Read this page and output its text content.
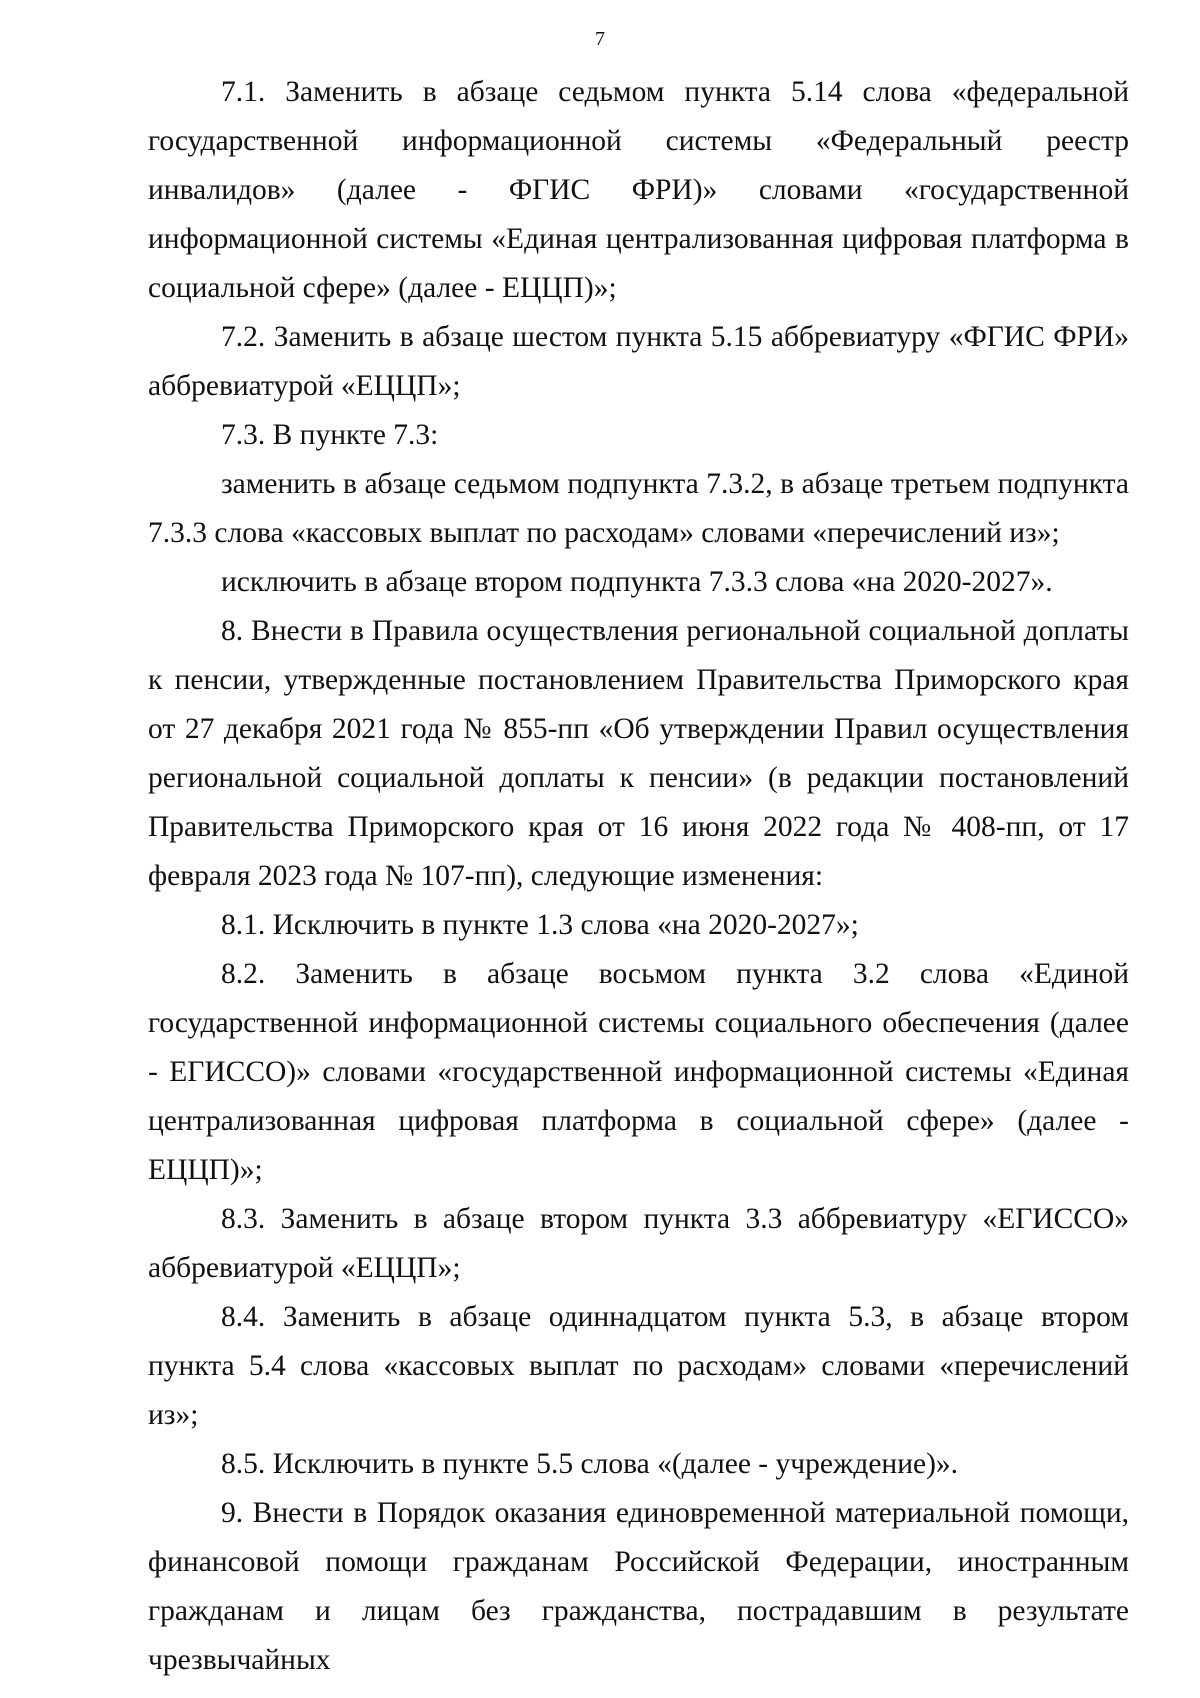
7

7.1. Заменить в абзаце седьмом пункта 5.14 слова «федеральной государственной информационной системы «Федеральный реестр инвалидов» (далее - ФГИС ФРИ)» словами «государственной информационной системы «Единая централизованная цифровая платформа в социальной сфере» (далее - ЕЦЦП)»;

7.2. Заменить в абзаце шестом пункта 5.15 аббревиатуру «ФГИС ФРИ» аббревиатурой «ЕЦЦП»;

7.3. В пункте 7.3:

заменить в абзаце седьмом подпункта 7.3.2, в абзаце третьем подпункта 7.3.3 слова «кассовых выплат по расходам» словами «перечислений из»;

исключить в абзаце втором подпункта 7.3.3 слова «на 2020-2027».

8. Внести в Правила осуществления региональной социальной доплаты к пенсии, утвержденные постановлением Правительства Приморского края от 27 декабря 2021 года № 855-пп «Об утверждении Правил осуществления региональной социальной доплаты к пенсии» (в редакции постановлений Правительства Приморского края от 16 июня 2022 года № 408-пп, от 17 февраля 2023 года № 107-пп), следующие изменения:

8.1. Исключить в пункте 1.3 слова «на 2020-2027»;

8.2. Заменить в абзаце восьмом пункта 3.2 слова «Единой государственной информационной системы социального обеспечения (далее - ЕГИССО)» словами «государственной информационной системы «Единая централизованная цифровая платформа в социальной сфере» (далее - ЕЦЦП)»;

8.3. Заменить в абзаце втором пункта 3.3 аббревиатуру «ЕГИССО» аббревиатурой «ЕЦЦП»;

8.4. Заменить в абзаце одиннадцатом пункта 5.3, в абзаце втором пункта 5.4 слова «кассовых выплат по расходам» словами «перечислений из»;

8.5. Исключить в пункте 5.5 слова «(далее - учреждение)».

9. Внести в Порядок оказания единовременной материальной помощи, финансовой помощи гражданам Российской Федерации, иностранным гражданам и лицам без гражданства, пострадавшим в результате чрезвычайных
